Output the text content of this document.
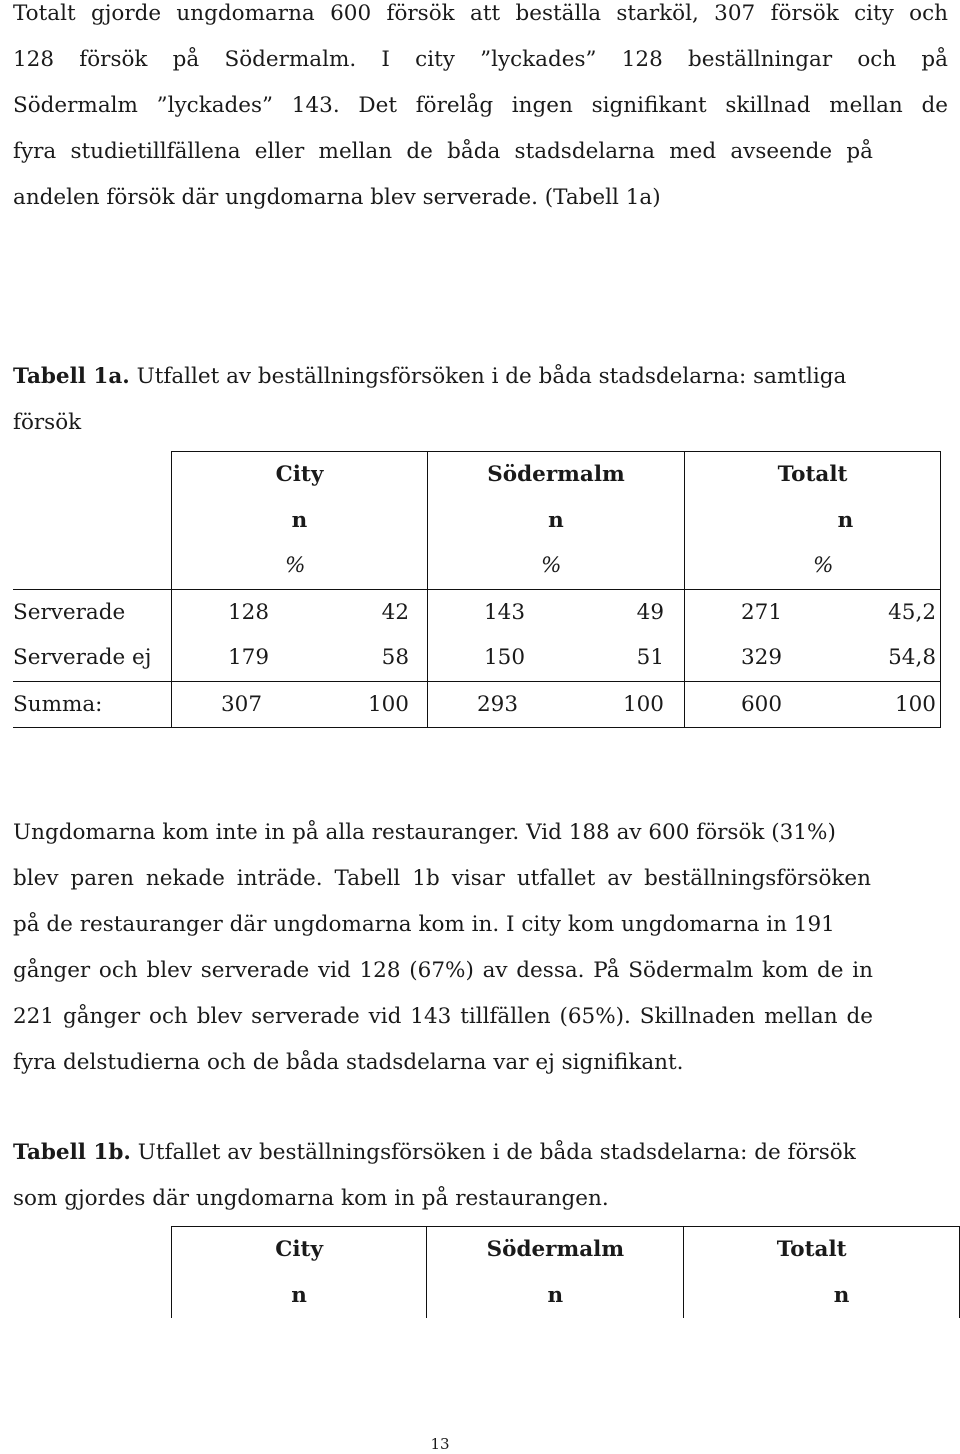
Totalt gjorde ungdomarna 600 försök att beställa starköl, 307 försök city och
128 försök på Södermalm. I city ”lyckades” 128 beställningar och på
Södermalm ”lyckades” 143. Det förelåg ingen signifikant skillnad mellan de
fyra studietillfällena eller mellan de båda stadsdelarna med avseende på
andelen försök där ungdomarna blev serverade. (Tabell 1a)
Tabell 1a. Utfallet av beställningsförsöken i de båda stadsdelarna: samtliga
försök
	City	Södermalm	Totalt
	n	n	n
	%	%	%
Serverade	128 42	143 49	271 45,2

Serverade ej	179 58	150 51	329 54,8

Summa:	307 100	293 100	600 100
Ungdomarna kom inte in på alla restauranger. Vid 188 av 600 försök (31%)
blev paren nekade inträde. Tabell 1b visar utfallet av beställningsförsöken
på de restauranger där ungdomarna kom in. I city kom ungdomarna in 191
gånger och blev serverade vid 128 (67%) av dessa. På Södermalm kom de in
221 gånger och blev serverade vid 143 tillfällen (65%). Skillnaden mellan de
fyra delstudierna och de båda stadsdelarna var ej signifikant.
Tabell 1b. Utfallet av beställningsförsöken i de båda stadsdelarna: de försök
som gjordes där ungdomarna kom in på restaurangen.
	City	Södermalm	Totalt
	n	n	n
13
